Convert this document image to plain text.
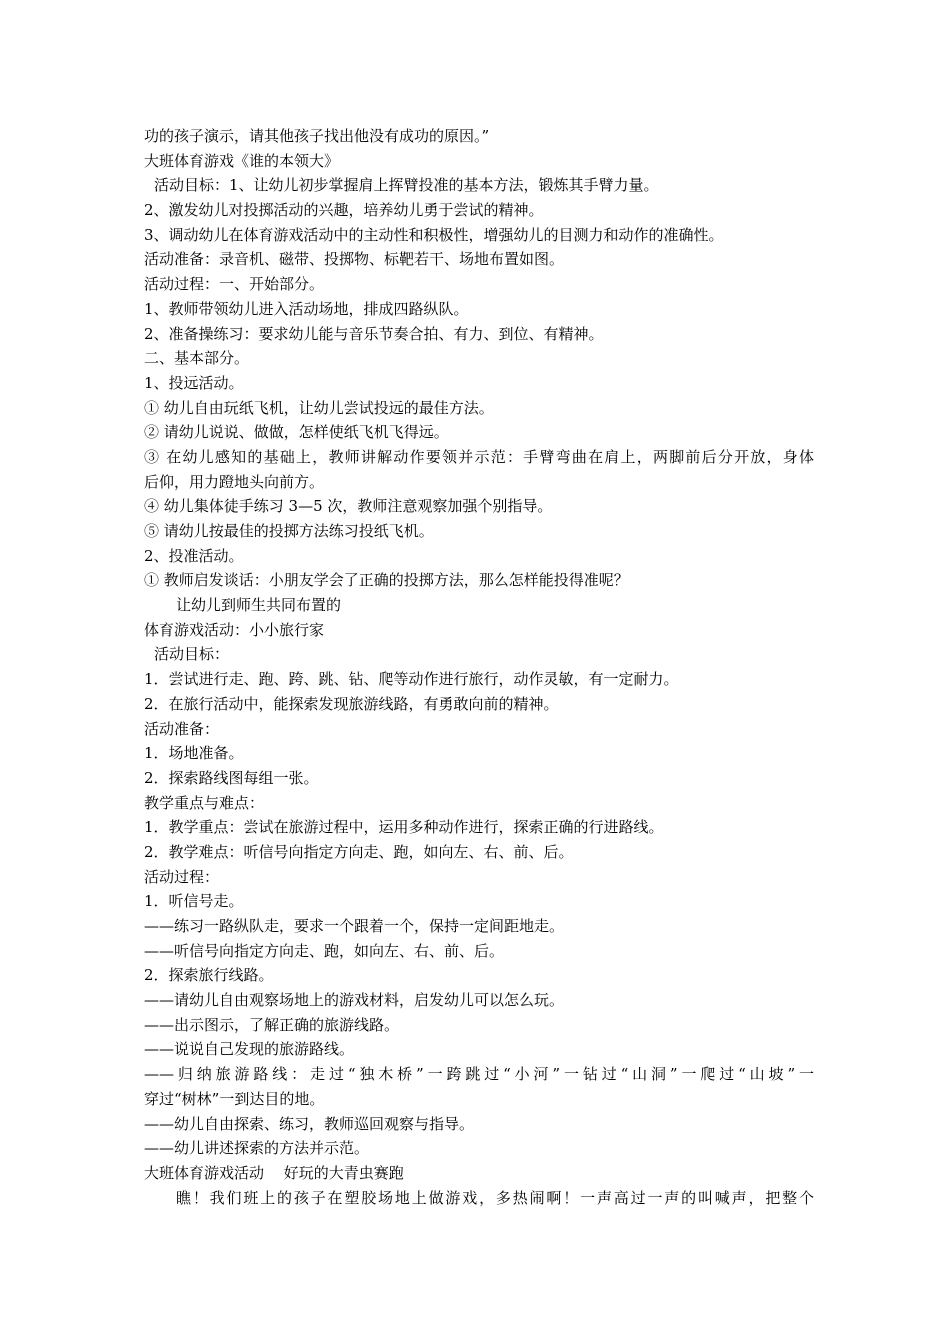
功的孩子演示，请其他孩子找出他没有成功的原因。”
大班体育游戏《谁的本领大》
活动目标：1、让幼儿初步掌握肩上挥臂投准的基本方法，锻炼其手臂力量。
2、激发幼儿对投掷活动的兴趣，培养幼儿勇于尝试的精神。
3、调动幼儿在体育游戏活动中的主动性和积极性，增强幼儿的目测力和动作的准确性。
活动准备：录音机、磁带、投掷物、标靶若干、场地布置如图。
活动过程：一、开始部分。
1、教师带领幼儿进入活动场地，排成四路纵队。
2、准备操练习：要求幼儿能与音乐节奏合拍、有力、到位、有精神。
二、基本部分。
1、投远活动。
① 幼儿自由玩纸飞机，让幼儿尝试投远的最佳方法。
② 请幼儿说说、做做，怎样使纸飞机飞得远。
③ 在幼儿感知的基础上，教师讲解动作要领并示范：手臂弯曲在肩上，两脚前后分开放，身体
后仰，用力蹬地头向前方。
④ 幼儿集体徒手练习 3—5 次，教师注意观察加强个别指导。
⑤ 请幼儿按最佳的投掷方法练习投纸飞机。
2、投准活动。
① 教师启发谈话：小朋友学会了正确的投掷方法，那么怎样能投得准呢？
让幼儿到师生共同布置的
体育游戏活动：小小旅行家
活动目标：
1．尝试进行走、跑、跨、跳、钻、爬等动作进行旅行，动作灵敏，有一定耐力。
2．在旅行活动中，能探索发现旅游线路，有勇敢向前的精神。
活动准备：
1．场地准备。
2．探索路线图每组一张。
教学重点与难点：
1．教学重点：尝试在旅游过程中，运用多种动作进行，探索正确的行进路线。
2．教学难点：听信号向指定方向走、跑，如向左、右、前、后。
活动过程：
1．听信号走。
——练习一路纵队走，要求一个跟着一个，保持一定间距地走。
——听信号向指定方向走、跑，如向左、右、前、后。
2．探索旅行线路。
——请幼儿自由观察场地上的游戏材料，启发幼儿可以怎么玩。
——出示图示，了解正确的旅游线路。
——说说自己发现的旅游路线。
——归纳旅游路线：走过“独木桥”一跨跳过“小河”一钻过“山洞”一爬过“山坡”一
穿过“树林”一到达目的地。
——幼儿自由探索、练习，教师巡回观察与指导。
——幼儿讲述探索的方法并示范。
大班体育游戏活动　 好玩的大青虫赛跑
瞧！我们班上的孩子在塑胶场地上做游戏，多热闹啊！一声高过一声的叫喊声，把整个
